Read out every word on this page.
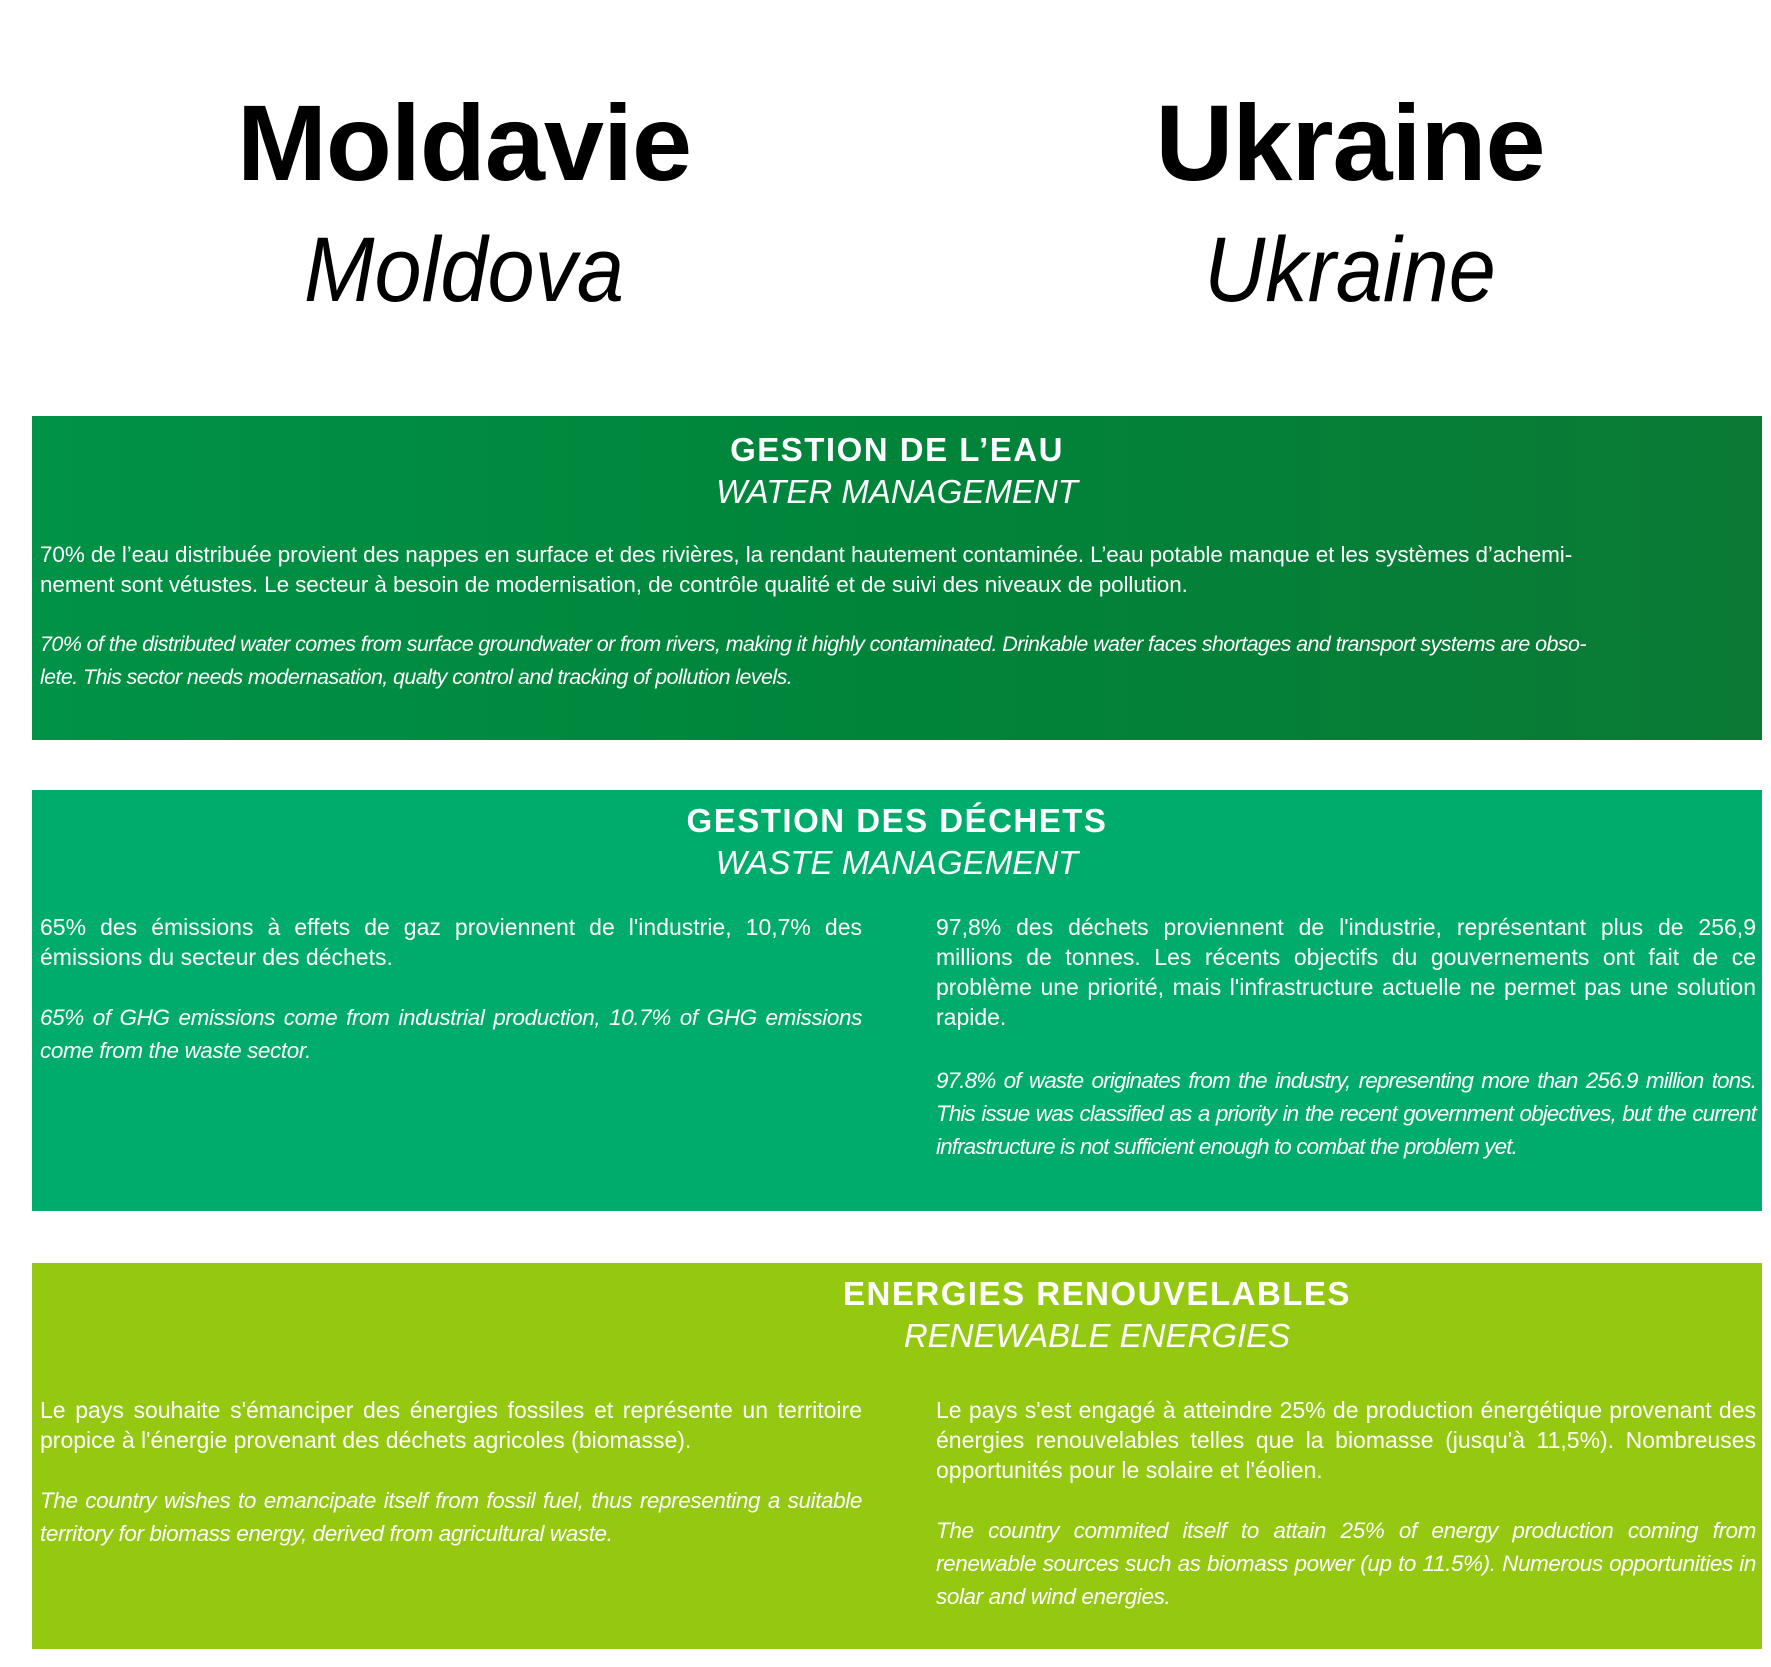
Moldavie
Moldova
Ukraine
Ukraine
GESTION DE L’EAU
WATER MANAGEMENT
70% de l’eau distribuée provient des nappes en surface et des rivières, la rendant hautement contaminée. L’eau potable manque et les systèmes d’achemi-
nement sont vétustes. Le secteur à besoin de modernisation, de contrôle qualité et de suivi des niveaux de pollution.
70% of the distributed water comes from surface groundwater or from rivers, making it highly contaminated. Drinkable water faces shortages and transport systems are obso-
lete. This sector needs modernasation, qualty control and tracking of pollution levels.
GESTION DES DÉCHETS
WASTE MANAGEMENT
65% des émissions à effets de gaz proviennent de l'industrie, 10,7% des émissions du secteur des déchets.
65% of GHG emissions come from industrial production, 10.7% of GHG emissions come from the waste sector.
97,8% des déchets proviennent de l'industrie, représentant plus de 256,9 millions de tonnes. Les récents objectifs du gouvernements ont fait de ce problème une priorité, mais l'infrastructure actuelle ne permet pas une solution rapide.
97.8% of waste originates from the industry, representing more than 256.9 million tons. This issue was classified as a priority in the recent government objectives, but the current infrastructure is not sufficient enough to combat the problem yet.
ENERGIES RENOUVELABLES
RENEWABLE ENERGIES
Le pays souhaite s'émanciper des énergies fossiles et représente un territoire propice à l'énergie provenant des déchets agricoles (biomasse).
The country wishes to emancipate itself from fossil fuel, thus representing a suitable territory for biomass energy, derived from agricultural waste.
Le pays s'est engagé à atteindre 25% de production énergétique provenant des énergies renouvelables telles que la biomasse (jusqu'à 11,5%). Nombreuses opportunités pour le solaire et l'éolien.
The country commited itself to attain 25% of energy production coming from renewable sources such as biomass power (up to 11.5%). Numerous opportunities in solar and wind energies.
